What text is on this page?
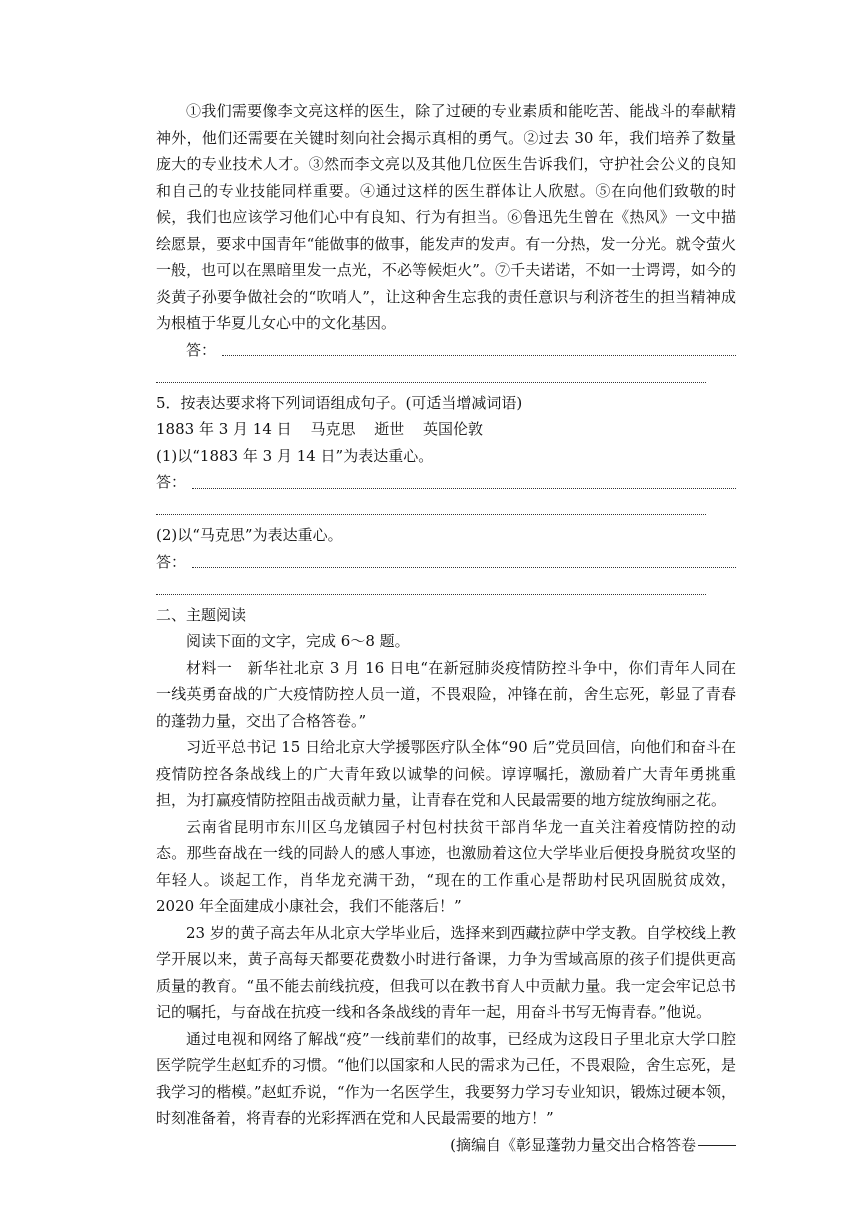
①我们需要像李文亮这样的医生，除了过硬的专业素质和能吃苦、能战斗的奉献精神外，他们还需要在关键时刻向社会揭示真相的勇气。②过去 30 年，我们培养了数量庞大的专业技术人才。③然而李文亮以及其他几位医生告诉我们，守护社会公义的良知和自己的专业技能同样重要。④通过这样的医生群体让人欣慰。⑤在向他们致敬的时候，我们也应该学习他们心中有良知、行为有担当。⑥鲁迅先生曾在《热风》一文中描绘愿景，要求中国青年“能做事的做事，能发声的发声。有一分热，发一分光。就令萤火一般，也可以在黑暗里发一点光，不必等候炬火”。⑦千夫诺诺，不如一士谔谔，如今的炎黄子孙要争做社会的“吹哨人”，让这种舍生忘我的责任意识与利济苍生的担当精神成为根植于华夏儿女心中的文化基因。

答：

5．按表达要求将下列词语组成句子。(可适当增减词语)

1883 年 3 月 14 日 马克思 逝世 英国伦敦

(1)以“1883 年 3 月 14 日”为表达重心。

答：

(2)以“马克思”为表达重心。

答：

二、主题阅读

阅读下面的文字，完成 6～8 题。

材料一　新华社北京 3 月 16 日电“在新冠肺炎疫情防控斗争中，你们青年人同在一线英勇奋战的广大疫情防控人员一道，不畏艰险，冲锋在前，舍生忘死，彰显了青春的蓬勃力量，交出了合格答卷。”

习近平总书记 15 日给北京大学援鄂医疗队全体“90 后”党员回信，向他们和奋斗在疫情防控各条战线上的广大青年致以诚挚的问候。谆谆嘱托，激励着广大青年勇挑重担，为打赢疫情防控阻击战贡献力量，让青春在党和人民最需要的地方绽放绚丽之花。

云南省昆明市东川区乌龙镇园子村包村扶贫干部肖华龙一直关注着疫情防控的动态。那些奋战在一线的同龄人的感人事迹，也激励着这位大学毕业后便投身脱贫攻坚的年轻人。谈起工作，肖华龙充满干劲，“现在的工作重心是帮助村民巩固脱贫成效，2020 年全面建成小康社会，我们不能落后！”

23 岁的黄子高去年从北京大学毕业后，选择来到西藏拉萨中学支教。自学校线上教学开展以来，黄子高每天都要花费数小时进行备课，力争为雪域高原的孩子们提供更高质量的教育。“虽不能去前线抗疫，但我可以在教书育人中贡献力量。我一定会牢记总书记的嘱托，与奋战在抗疫一线和各条战线的青年一起，用奋斗书写无悔青春。”他说。

通过电视和网络了解战“疫”一线前辈们的故事，已经成为这段日子里北京大学口腔医学院学生赵虹乔的习惯。“他们以国家和人民的需求为己任，不畏艰险，舍生忘死，是我学习的楷模。”赵虹乔说，“作为一名医学生，我要努力学习专业知识，锻炼过硬本领，时刻准备着，将青春的光彩挥洒在党和人民最需要的地方！”

(摘编自《彰显蓬勃力量交出合格答卷
